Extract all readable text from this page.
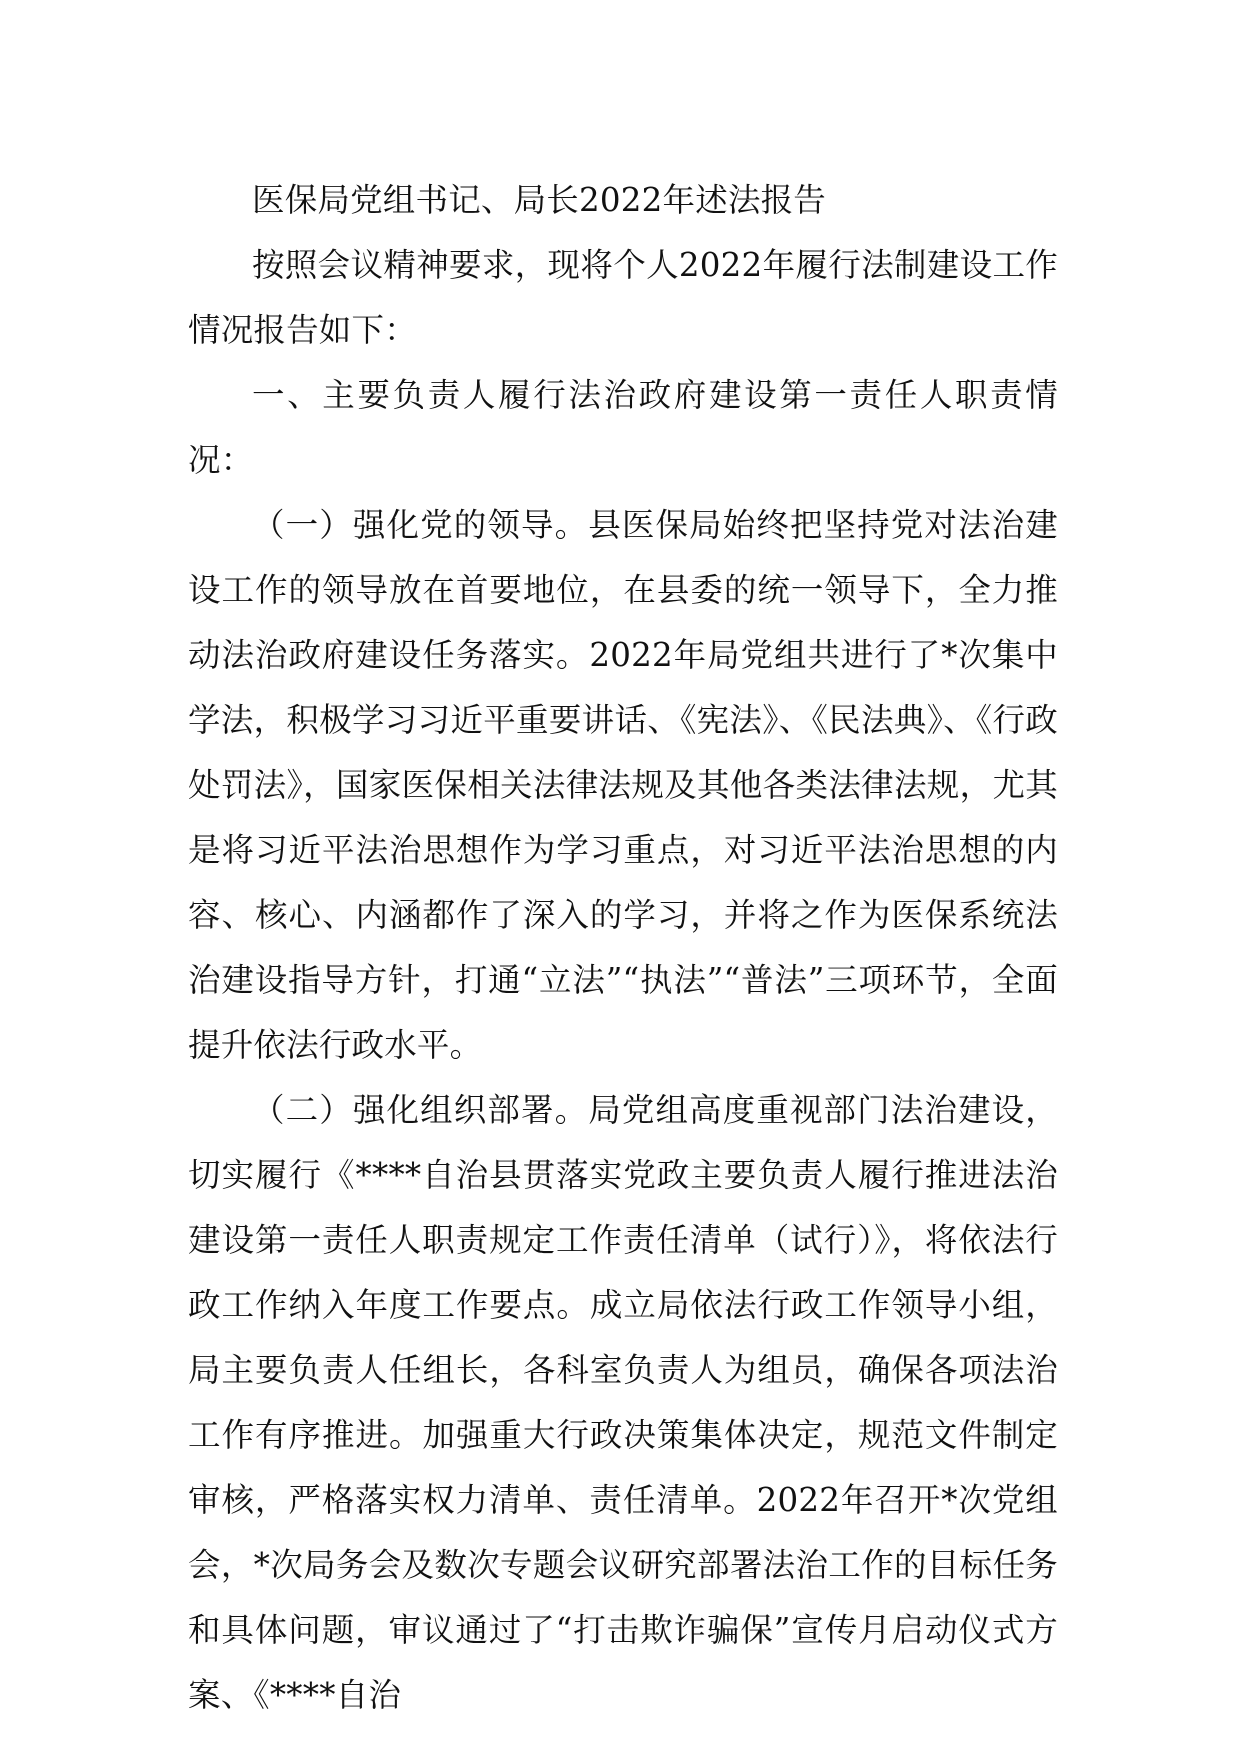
医保局党组书记、局长2022年述法报告

按照会议精神要求，现将个人2022年履行法制建设工作情况报告如下：

一、主要负责人履行法治政府建设第一责任人职责情况：

（一）强化党的领导。县医保局始终把坚持党对法治建设工作的领导放在首要地位，在县委的统一领导下，全力推动法治政府建设任务落实。2022年局党组共进行了*次集中学法，积极学习习近平重要讲话、《宪法》、《民法典》、《行政处罚法》，国家医保相关法律法规及其他各类法律法规，尤其是将习近平法治思想作为学习重点，对习近平法治思想的内容、核心、内涵都作了深入的学习，并将之作为医保系统法治建设指导方针，打通“立法”“执法”“普法”三项环节，全面提升依法行政水平。

（二）强化组织部署。局党组高度重视部门法治建设，切实履行《****自治县贯落实党政主要负责人履行推进法治建设第一责任人职责规定工作责任清单（试行）》，将依法行政工作纳入年度工作要点。成立局依法行政工作领导小组，局主要负责人任组长，各科室负责人为组员，确保各项法治工作有序推进。加强重大行政决策集体决定，规范文件制定审核，严格落实权力清单、责任清单。2022年召开*次党组会，*次局务会及数次专题会议研究部署法治工作的目标任务和具体问题，审议通过了“打击欺诈骗保”宣传月启动仪式方案、《****自治
